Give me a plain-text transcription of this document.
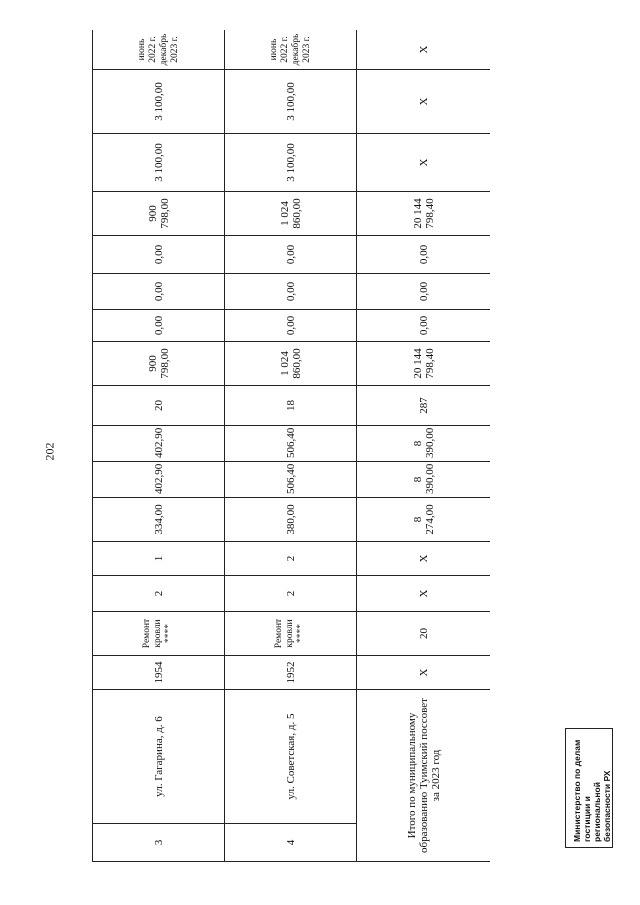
202
3	ул. Гагарина, д. 6	1954	Ремонт кровли ****	2	1	334,00	402,90	402,90	20	900 798,00	0,00	0,00	0,00	900 798,00	3 100,00	3 100,00	июнь 2022 г. декабрь 2023 г.
4	ул. Советская, д. 5	1952	Ремонт кровли ****	2	2	380,00	506,40	506,40	18	1 024 860,00	0,00	0,00	0,00	1 024 860,00	3 100,00	3 100,00	июнь 2022 г. декабрь 2023 г.
Итого по муниципальному образованию Туимский поссовет за 2023 год		X	20	X	X	8 274,00	8 390,00	8 390,00	287	20 144 798,40	0,00	0,00	0,00	20 144 798,40	X	X	X
Министерство по делам гостиции и региональной безопасности РХ
